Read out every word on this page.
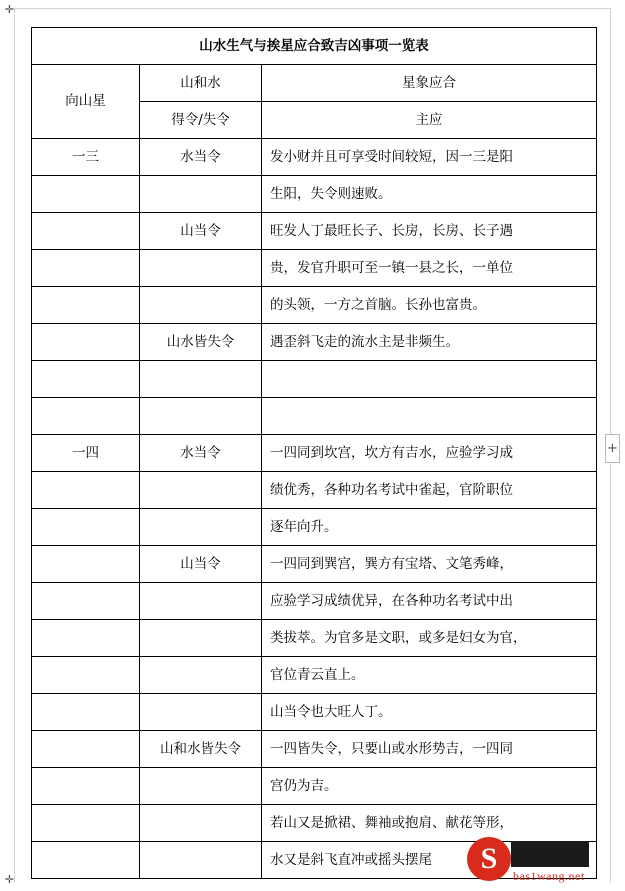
✛
✛
山水生气与挨星应合致吉凶事项一览表		
向山星	山和水	星象应合
	得令/失令	主应
一三	水当令	发小财并且可享受时间较短，因一三是阳
		生阳，失令则速败。
	山当令	旺发人丁最旺长子、长房，长房、长子遇
		贵，发官升职可至一镇一县之长，一单位
		的头领，一方之首脑。长孙也富贵。
	山水皆失令	遇歪斜飞走的流水主是非频生。

一四	水当令	一四同到坎宫，坎方有吉水，应验学习成
		绩优秀，各种功名考试中雀起，官阶职位
		逐年向升。
	山当令	一四同到巽宫，巽方有宝塔、文笔秀峰，
		应验学习成绩优异，在各种功名考试中出
		类拔萃。为官多是文职，或多是妇女为官，
		官位青云直上。
		山当令也大旺人丁。
	山和水皆失令	一四皆失令，只要山或水形势吉，一四同
		宫仍为吉。
		若山又是掀裙、舞袖或抱肩、献花等形，
		水又是斜飞直冲或摇头摆尾
+
S
bas1wang.net
